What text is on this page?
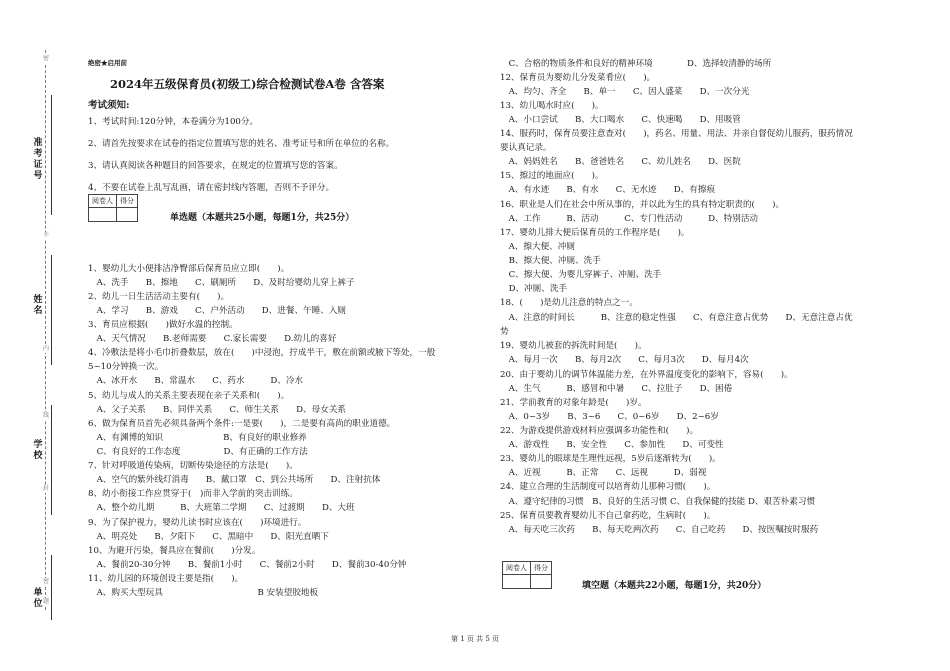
密
不
内
线
封
密
题
准
考
证
号
姓
名
学
校
单
位
绝密★启用前
2024年五级保育员(初级工)综合检测试卷A卷 含答案
考试须知:
1、考试时间:120分钟，本卷满分为100分。
2、请首先按要求在试卷的指定位置填写您的姓名、准考证号和所在单位的名称。
3、请认真阅读各种题目的回答要求，在规定的位置填写您的答案。
4、不要在试卷上乱写乱画，请在密封线内答题，否则不予评分。
阅卷人	得分

单选题（本题共25小题，每题1分，共25分）
1、婴幼儿大小便排洁净臀部后保育员应立即(　　)。
　A、洗手　　B、擦地　　C、刷厕所　　D、及时给婴幼儿穿上裤子
2、幼儿一日生活活动主要有(　　)。
　A、学习　　B、游戏　　C、户外活动　　D、进餐、午睡、入厕
3、育员应根据(　　)做好水温的控制。
　A、天气情况　　B.老师需要　　C.家长需要　　D.幼儿的喜好
4、冷敷法是将小毛巾折叠数层，放在(　　)中浸泡，拧成半干，敷在前额或腋下等处，一般
5~10分钟换一次。
　A、冰开水　　B、常温水　　C、药水　　　D、冷水
5、幼儿与成人的关系主要表现在亲子关系和(　　)。
　A、父子关系　　B、同伴关系　　C、师生关系　　D、母女关系
6、做为保育员首先必须具备两个条件:一是要(　　)，二是要有高尚的职业道德。
　A、有渊博的知识　　　　　　　B、有良好的职业修养
　C、有良好的工作态度　　　　　D、有正确的工作方法
7、针对呼吸道传染病，切断传染途径的方法是(　　)。
　A、空气的紫外线灯消毒　　B、戴口罩　C、到公共场所　　D、注射抗体
8、幼小衔接工作应贯穿于(　)而非入学前的突击训练。
　A、整个幼儿期　　　B、大班第二学期　　C、过渡期　　D、大班
9、为了保护视力，婴幼儿读书时应该在(　　)环境进行。
　A、明亮处　　B、夕阳下　　C、黑暗中　　D、阳光直晒下
10、为避开污染，餐具应在餐前(　　)分发。
　A、餐前20-30分钟　　B、餐前1小时　　C、餐前2小时　　D、餐前30-40分钟
11、幼儿园的环境创设主要是指(　　)。
　A、购买大型玩具　　　　　　　　　　　B 安装望胶地板
　C、合格的物质条件和良好的精神环境　　　　D、选择较清静的场所
12、保育员为婴幼儿分发菜肴应(　　)。
　A、均匀、齐全　　B、单一　　C、因人盛菜　　D、一次分光
13、幼儿喝水时应(　　)。
　A、小口尝试　　B、大口喝水　　C、快速喝　　D、用吸管
14、服药时，保育员要注意查对(　　)，药名、用量、用法、并亲自督促幼儿服药，服药情况
要认真记录。
　A、妈妈姓名　　B、爸爸姓名　　C、幼儿姓名　　D、医院
15、擦过的地面应(　　)。
　A、有水迹　　B、有水　　C、无水迹　　D、有擦痕
16、职业是人们在社会中所从事的，并以此为生的具有特定职责的(　　)。
　A、工作　　　B、活动　　　C、专门性活动　　　D、特别活动
17、婴幼儿排大便后保育员的工作程序是(　　)。
　A、擦大便、冲厕
　B、擦大便、冲厕、洗手
　C、擦大便、为婴儿穿裤子、冲厕、洗手
　D、冲厕、洗手
18、(　　)是幼儿注意的特点之一。
　A、注意的时间长　　　B、注意的稳定性强　　C、有意注意占优势　　D、无意注意占优
势
19、婴幼儿被套的拆洗时间是(　　)。
　A、每月一次　　B、每月2次　　C、每月3次　　D、每月4次
20、由于婴幼儿的调节体温能力差，在外界温度变化的影响下，容易(　　)。
　A、生气　　　B、感冒和中暑　　C、拉肚子　　D、困倦
21、学前教育的对象年龄是(　　)岁。
　A、0~3岁　　B、3~6　　C、0~6岁　　D、2~6岁
22、为游戏提供游戏材料应强调多功能性和(　　)。
　A、游戏性　　B、安全性　　C、参加性　　D、可变性
23、婴幼儿的眼球是生理性远视，5岁后逐渐转为(　　)。
　A、近视　　　B、正常　　C、远视　　　D、弱视
24、建立合理的生活制度可以培育幼儿那种习惯(　　)。
　A、遵守纪律的习惯　B、良好的生活习惯 C、自我保健的技能 D、艰苦朴素习惯
25、保育员要教育婴幼儿不自己拿药吃，生病时(　　)。
　A、每天吃三次药　　B、每天吃两次药　　C、自己吃药　　D、按医嘱按时服药
阅卷人	得分

填空题（本题共22小题，每题1分，共20分）
第 1 页 共 5 页
